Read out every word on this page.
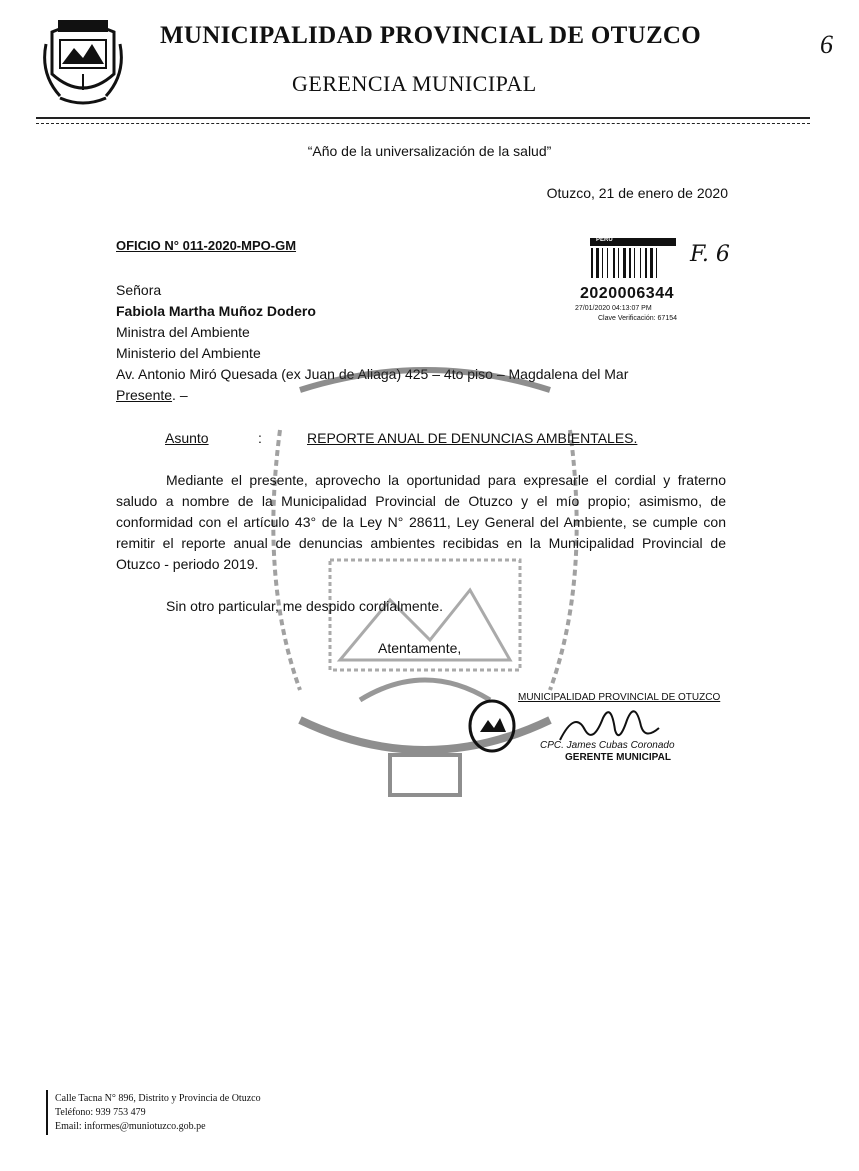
OTUZCO
MUNICIPALIDAD PROVINCIAL DE OTUZCO
GERENCIA MUNICIPAL
6
“Año de la universalización de la salud”
Otuzco, 21 de enero de 2020
OFICIO N° 011-2020-MPO-GM	PERU
2020006344
27/01/2020 04:13:07 PM
Clave Verificación: 67154
F. 6
Señora
Fabiola Martha Muñoz Dodero
Ministra del Ambiente
Ministerio del Ambiente
Av. Antonio Miró Quesada (ex Juan de Aliaga) 425 – 4to piso – Magdalena del Mar
Presente. –
Asunto	:	REPORTE ANUAL DE DENUNCIAS AMBIENTALES.
Mediante el presente, aprovecho la oportunidad para expresarle el cordial y fraterno saludo a nombre de la Municipalidad Provincial de Otuzco y el mío propio; asimismo, de conformidad con el artículo 43° de la Ley N° 28611, Ley General del Ambiente, se cumple con remitir el reporte anual de denuncias ambientes recibidas en la Municipalidad Provincial de Otuzco - periodo 2019.
Sin otro particular, me despido cordialmente.
Atentamente,
MUNICIPALIDAD PROVINCIAL DE OTUZCO
CPC. James Cubas Coronado
GERENTE MUNICIPAL
Calle Tacna N° 896, Distrito y Provincia de Otuzco
Teléfono: 939 753 479
Email: informes@muniotuzco.gob.pe
